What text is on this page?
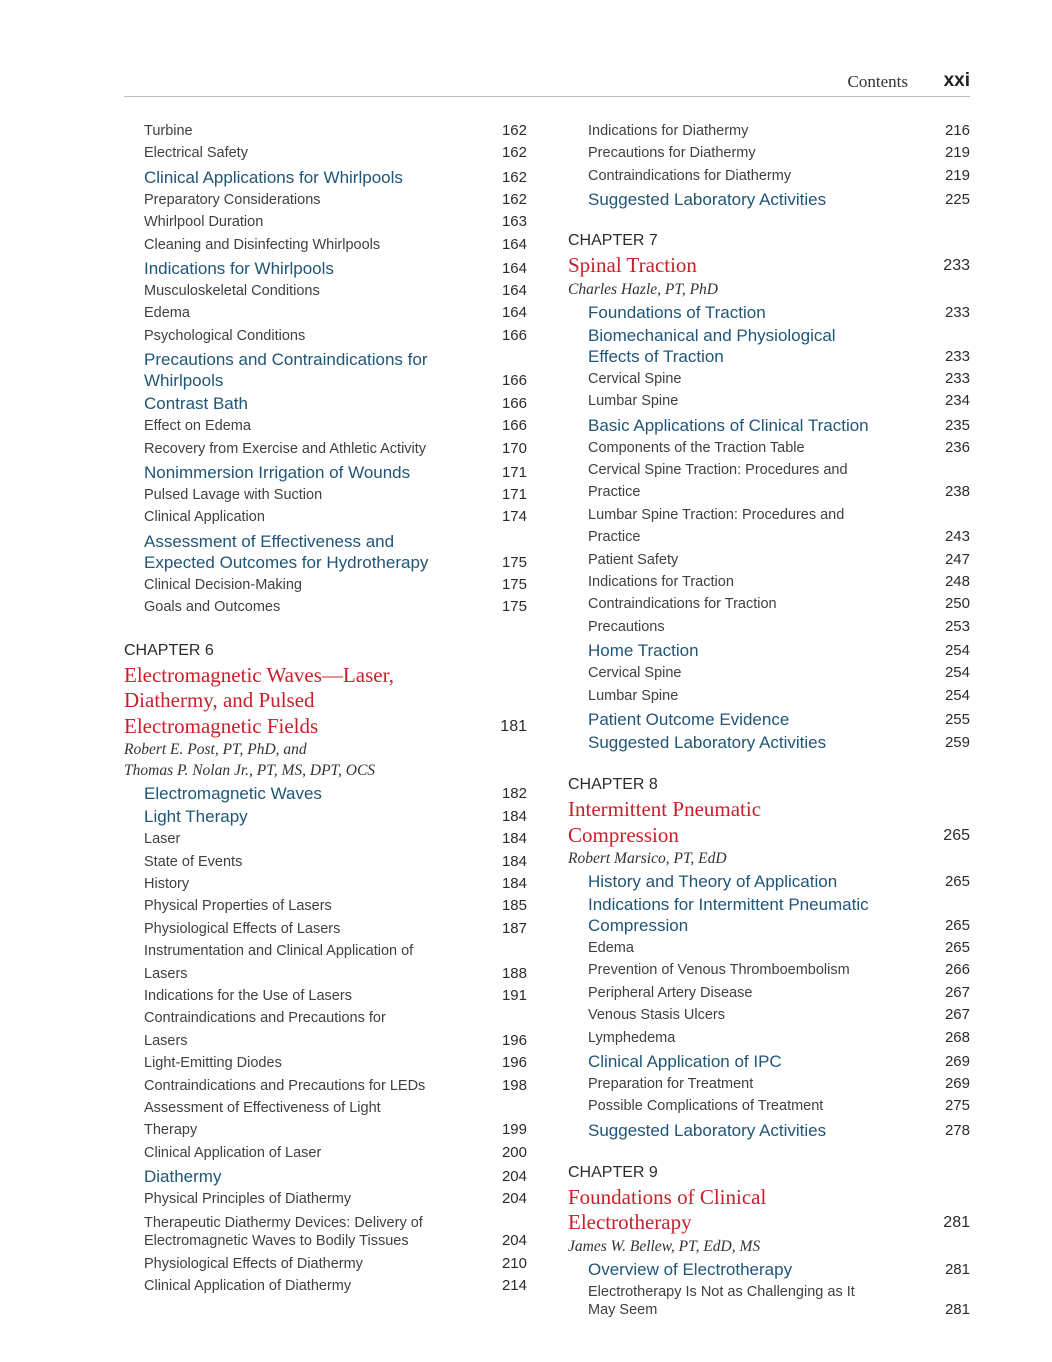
Contents xxi
Turbine	162
Electrical Safety	162
Clinical Applications for Whirlpools	162
Preparatory Considerations	162
Whirlpool Duration	163
Cleaning and Disinfecting Whirlpools	164
Indications for Whirlpools	164
Musculoskeletal Conditions	164
Edema	164
Psychological Conditions	166
Precautions and Contraindications for Whirlpools	166
Contrast Bath	166
Effect on Edema	166
Recovery from Exercise and Athletic Activity	170
Nonimmersion Irrigation of Wounds	171
Pulsed Lavage with Suction	171
Clinical Application	174
Assessment of Effectiveness and Expected Outcomes for Hydrotherapy	175
Clinical Decision-Making	175
Goals and Outcomes	175
CHAPTER 6
Electromagnetic Waves—Laser, Diathermy, and Pulsed Electromagnetic Fields	181
Robert E. Post, PT, PhD, and
Thomas P. Nolan Jr., PT, MS, DPT, OCS
Electromagnetic Waves	182
Light Therapy	184
Laser	184
State of Events	184
History	184
Physical Properties of Lasers	185
Physiological Effects of Lasers	187
Instrumentation and Clinical Application of Lasers	188
Indications for the Use of Lasers	191
Contraindications and Precautions for Lasers	196
Light-Emitting Diodes	196
Contraindications and Precautions for LEDs	198
Assessment of Effectiveness of Light Therapy	199
Clinical Application of Laser	200
Diathermy	204
Physical Principles of Diathermy	204
Therapeutic Diathermy Devices: Delivery of Electromagnetic Waves to Bodily Tissues	204
Physiological Effects of Diathermy	210
Clinical Application of Diathermy	214
Indications for Diathermy	216
Precautions for Diathermy	219
Contraindications for Diathermy	219
Suggested Laboratory Activities	225
CHAPTER 7
Spinal Traction	233
Charles Hazle, PT, PhD
Foundations of Traction	233
Biomechanical and Physiological Effects of Traction	233
Cervical Spine	233
Lumbar Spine	234
Basic Applications of Clinical Traction	235
Components of the Traction Table	236
Cervical Spine Traction: Procedures and Practice	238
Lumbar Spine Traction: Procedures and Practice	243
Patient Safety	247
Indications for Traction	248
Contraindications for Traction	250
Precautions	253
Home Traction	254
Cervical Spine	254
Lumbar Spine	254
Patient Outcome Evidence	255
Suggested Laboratory Activities	259
CHAPTER 8
Intermittent Pneumatic Compression	265
Robert Marsico, PT, EdD
History and Theory of Application	265
Indications for Intermittent Pneumatic Compression	265
Edema	265
Prevention of Venous Thromboembolism	266
Peripheral Artery Disease	267
Venous Stasis Ulcers	267
Lymphedema	268
Clinical Application of IPC	269
Preparation for Treatment	269
Possible Complications of Treatment	275
Suggested Laboratory Activities	278
CHAPTER 9
Foundations of Clinical Electrotherapy	281
James W. Bellew, PT, EdD, MS
Overview of Electrotherapy	281
Electrotherapy Is Not as Challenging as It May Seem	281
